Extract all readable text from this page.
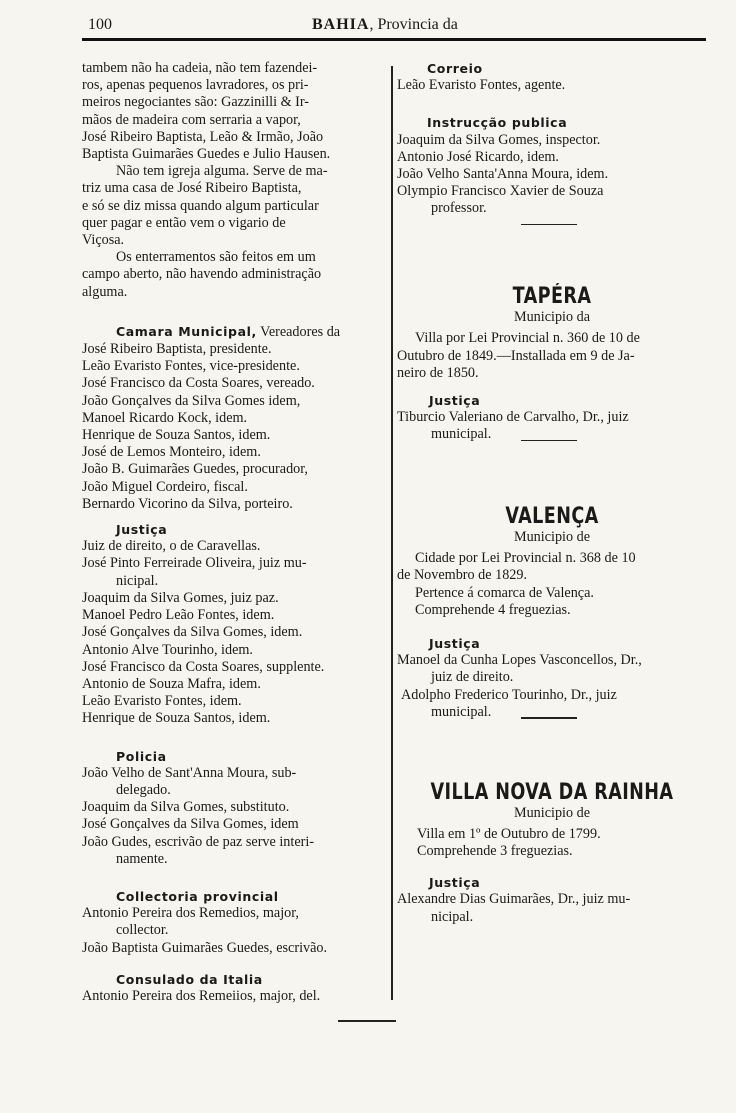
100	BAHIA, Provincia da

tambem não ha cadeia, não tem fazendei-

ros, apenas pequenos lavradores, os pri-

meiros negociantes são: Gazzinilli & Ir-

mãos de madeira com serraria a vapor,

José Ribeiro Baptista, Leão & Irmão, João

Baptista Guimarães Guedes e Julio Hausen.

Não tem igreja alguma. Serve de ma-

triz uma casa de José Ribeiro Baptista,

e só se diz missa quando algum particular

quer pagar e então vem o vigario de

Viçosa.

Os enterramentos são feitos em um

campo aberto, não havendo administração

alguma.

Camara Municipal, Vereadores da

José Ribeiro Baptista, presidente.

Leão Evaristo Fontes, vice-presidente.

José Francisco da Costa Soares, vereado.

João Gonçalves da Silva Gomes idem,

Manoel Ricardo Kock, idem.

Henrique de Souza Santos, idem.

José de Lemos Monteiro, idem.

João B. Guimarães Guedes, procurador,

João Miguel Cordeiro, fiscal.

Bernardo Vicorino da Silva, porteiro.

Justiça

Juiz de direito, o de Caravellas.

José Pinto Ferreirade Oliveira, juiz mu-

nicipal.

Joaquim da Silva Gomes, juiz paz.

Manoel Pedro Leão Fontes, idem.

José Gonçalves da Silva Gomes, idem.

Antonio Alve Tourinho, idem.

José Francisco da Costa Soares, supplente.

Antonio de Souza Mafra, idem.

Leão Evaristo Fontes, idem.

Henrique de Souza Santos, idem.

Policia

João Velho de Sant'Anna Moura, sub-

delegado.

Joaquim da Silva Gomes, substituto.

José Gonçalves da Silva Gomes, idem

João Gudes, escrivão de paz serve interi-

namente.

Collectoria provincial

Antonio Pereira dos Remedios, major,

collector.

João Baptista Guimarães Guedes, escrivão.

Consulado da Italia

Antonio Pereira dos Remeiios, major, del.

Correio

Leão Evaristo Fontes, agente.

Instrucção publica

Joaquim da Silva Gomes, inspector.

Antonio José Ricardo, idem.

João Velho Santa'Anna Moura, idem.

Olympio Francisco Xavier de Souza

professor.

TAPÉRA

Municipio da

Villa por Lei Provincial n. 360 de 10 de

Outubro de 1849.—Installada em 9 de Ja-

neiro de 1850.

Justiça

Tiburcio Valeriano de Carvalho, Dr., juiz

municipal.

VALENÇA

Municipio de

Cidade por Lei Provincial n. 368 de 10

de Novembro de 1829.

Pertence á comarca de Valença.

Comprehende 4 freguezias.

Justiça

Manoel da Cunha Lopes Vasconcellos, Dr.,

juiz de direito.

Adolpho Frederico Tourinho, Dr., juiz

municipal.

VILLA NOVA DA RAINHA

Municipio de

Villa em 1º de Outubro de 1799.

Comprehende 3 freguezias.

Justiça

Alexandre Dias Guimarães, Dr., juiz mu-

nicipal.
